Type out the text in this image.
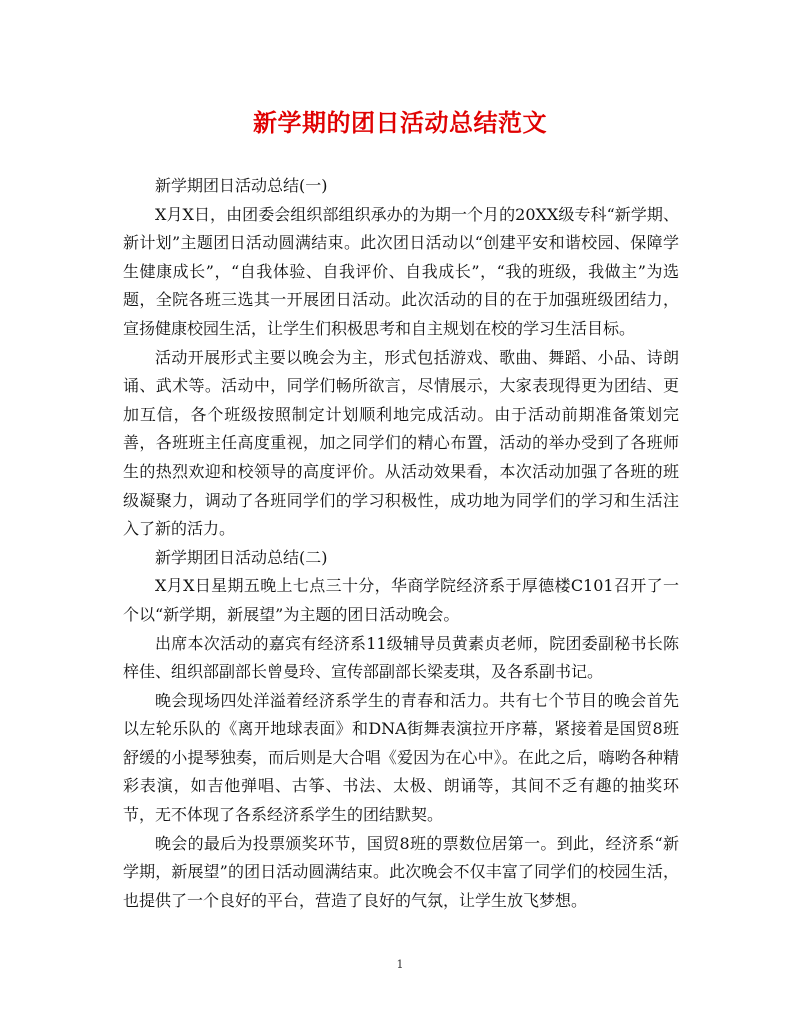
新学期的团日活动总结范文

新学期团日活动总结(一)

X月X日，由团委会组织部组织承办的为期一个月的20XX级专科“新学期、新计划”主题团日活动圆满结束。此次团日活动以“创建平安和谐校园、保障学生健康成长”，“自我体验、自我评价、自我成长”，“我的班级，我做主”为选题，全院各班三选其一开展团日活动。此次活动的目的在于加强班级团结力，宣扬健康校园生活，让学生们积极思考和自主规划在校的学习生活目标。

活动开展形式主要以晚会为主，形式包括游戏、歌曲、舞蹈、小品、诗朗诵、武术等。活动中，同学们畅所欲言，尽情展示，大家表现得更为团结、更加互信，各个班级按照制定计划顺利地完成活动。由于活动前期准备策划完善，各班班主任高度重视，加之同学们的精心布置，活动的举办受到了各班师生的热烈欢迎和校领导的高度评价。从活动效果看，本次活动加强了各班的班级凝聚力，调动了各班同学们的学习积极性，成功地为同学们的学习和生活注入了新的活力。

新学期团日活动总结(二)

X月X日星期五晚上七点三十分，华商学院经济系于厚德楼C101召开了一个以“新学期，新展望”为主题的团日活动晚会。

出席本次活动的嘉宾有经济系11级辅导员黄素贞老师，院团委副秘书长陈梓佳、组织部副部长曾曼玲、宣传部副部长梁麦琪，及各系副书记。

晚会现场四处洋溢着经济系学生的青春和活力。共有七个节目的晚会首先以左轮乐队的《离开地球表面》和DNA街舞表演拉开序幕，紧接着是国贸8班舒缓的小提琴独奏，而后则是大合唱《爱因为在心中》。在此之后，嗨哟各种精彩表演，如吉他弹唱、古筝、书法、太极、朗诵等，其间不乏有趣的抽奖环节，无不体现了各系经济系学生的团结默契。

晚会的最后为投票颁奖环节，国贸8班的票数位居第一。到此，经济系“新学期，新展望”的团日活动圆满结束。此次晚会不仅丰富了同学们的校园生活，也提供了一个良好的平台，营造了良好的气氛，让学生放飞梦想。

1
